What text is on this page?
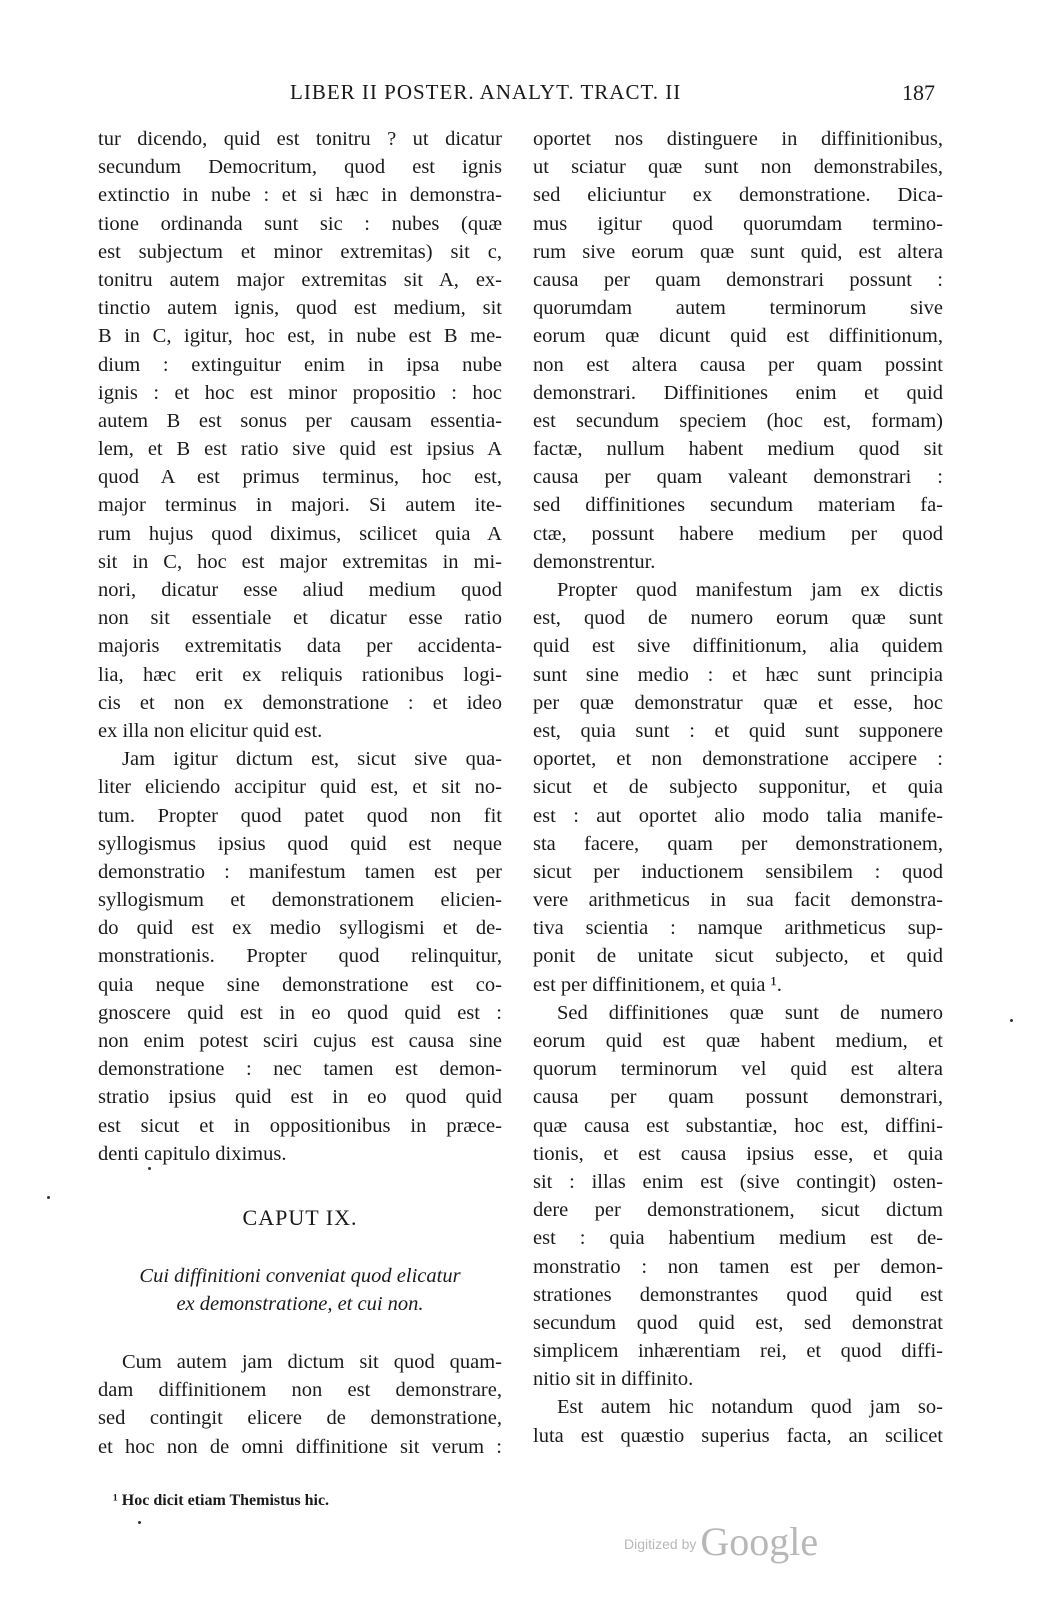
LIBER II POSTER. ANALYT. TRACT. II	187
tur dicendo, quid est tonitru ? ut dicatur
secundum Democritum, quod est ignis
extinctio in nube : et si hæc in demonstra-
tione ordinanda sunt sic : nubes (quæ
est subjectum et minor extremitas) sit c,
tonitru autem major extremitas sit A, ex-
tinctio autem ignis, quod est medium, sit
B in C, igitur, hoc est, in nube est B me-
dium : extinguitur enim in ipsa nube
ignis : et hoc est minor propositio : hoc
autem B est sonus per causam essentia-
lem, et B est ratio sive quid est ipsius A
quod A est primus terminus, hoc est,
major terminus in majori. Si autem ite-
rum hujus quod diximus, scilicet quia A
sit in C, hoc est major extremitas in mi-
nori, dicatur esse aliud medium quod
non sit essentiale et dicatur esse ratio
majoris extremitatis data per accidenta-
lia, hæc erit ex reliquis rationibus logi-
cis et non ex demonstratione : et ideo
ex illa non elicitur quid est.
Jam igitur dictum est, sicut sive qua-
liter eliciendo accipitur quid est, et sit no-
tum. Propter quod patet quod non fit
syllogismus ipsius quod quid est neque
demonstratio : manifestum tamen est per
syllogismum et demonstrationem elicien-
do quid est ex medio syllogismi et de-
monstrationis. Propter quod relinquitur,
quia neque sine demonstratione est co-
gnoscere quid est in eo quod quid est :
non enim potest sciri cujus est causa sine
demonstratione : nec tamen est demon-
stratio ipsius quid est in eo quod quid
est sicut et in oppositionibus in præce-
denti capitulo diximus.
CAPUT IX.
Cui diffinitioni conveniat quod elicatur
ex demonstratione, et cui non.
Cum autem jam dictum sit quod quam-
dam diffinitionem non est demonstrare,
sed contingit elicere de demonstratione,
et hoc non de omni diffinitione sit verum :
oportet nos distinguere in diffinitionibus,
ut sciatur quæ sunt non demonstrabiles,
sed eliciuntur ex demonstratione. Dica-
mus igitur quod quorumdam termino-
rum sive eorum quæ sunt quid, est altera
causa per quam demonstrari possunt :
quorumdam autem terminorum sive
eorum quæ dicunt quid est diffinitionum,
non est altera causa per quam possint
demonstrari. Diffinitiones enim et quid
est secundum speciem (hoc est, formam)
factæ, nullum habent medium quod sit
causa per quam valeant demonstrari :
sed diffinitiones secundum materiam fa-
ctæ, possunt habere medium per quod
demonstrentur.
Propter quod manifestum jam ex dictis
est, quod de numero eorum quæ sunt
quid est sive diffinitionum, alia quidem
sunt sine medio : et hæc sunt principia
per quæ demonstratur quæ et esse, hoc
est, quia sunt : et quid sunt supponere
oportet, et non demonstratione accipere :
sicut et de subjecto supponitur, et quia
est : aut oportet alio modo talia manife-
sta facere, quam per demonstrationem,
sicut per inductionem sensibilem : quod
vere arithmeticus in sua facit demonstra-
tiva scientia : namque arithmeticus sup-
ponit de unitate sicut subjecto, et quid
est per diffinitionem, et quia ¹.
Sed diffinitiones quæ sunt de numero
eorum quid est quæ habent medium, et
quorum terminorum vel quid est altera
causa per quam possunt demonstrari,
quæ causa est substantiæ, hoc est, diffini-
tionis, et est causa ipsius esse, et quia
sit : illas enim est (sive contingit) osten-
dere per demonstrationem, sicut dictum
est : quia habentium medium est de-
monstratio : non tamen est per demon-
strationes demonstrantes quod quid est
secundum quod quid est, sed demonstrat
simplicem inhærentiam rei, et quod diffi-
nitio sit in diffinito.
Est autem hic notandum quod jam so-
luta est quæstio superius facta, an scilicet
¹ Hoc dicit etiam Themistus hic.
Digitized by Google
